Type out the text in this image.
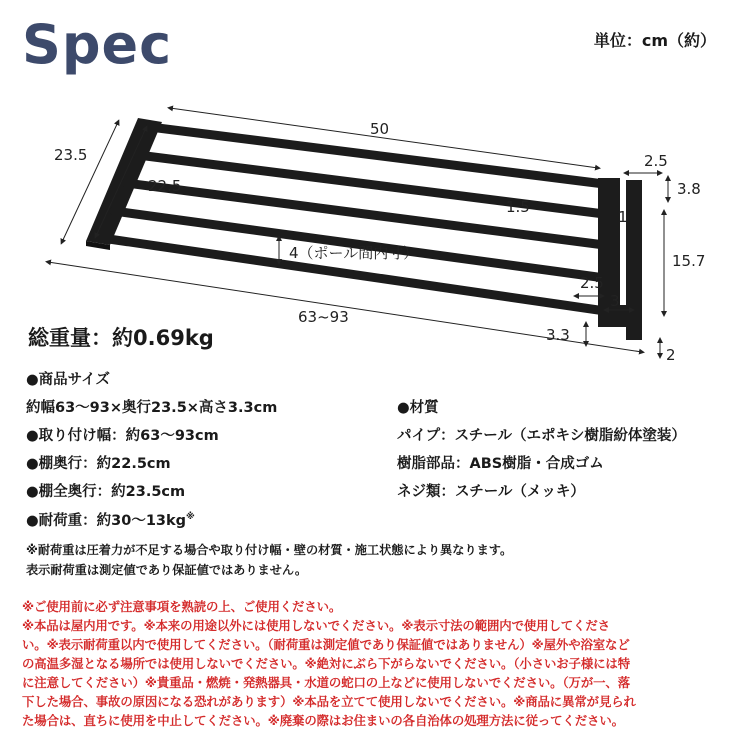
Spec	単位：cm（約）
50
23.5
22.5
4（ポール間内寸）
63~93
1.5
1
2.5
3.8
15.7
2.5
3
3.3
2
総重量：約0.69kg
●商品サイズ
約幅63～93×奥行23.5×高さ3.3cm
●取り付け幅：約63～93cm
●棚奥行：約22.5cm
●棚全奥行：約23.5cm
●耐荷重：約30～13kg※
●材質
パイプ：スチール（エポキシ樹脂紛体塗装）
樹脂部品：ABS樹脂・合成ゴム
ネジ類：スチール（メッキ）
※耐荷重は圧着力が不足する場合や取り付け幅・壁の材質・施工状態により異なります。
表示耐荷重は測定値であり保証値ではありません。
※ご使用前に必ず注意事項を熟読の上、ご使用ください。
※本品は屋内用です。※本来の用途以外には使用しないでください。※表示寸法の範囲内で使用してくださ
い。※表示耐荷重以内で使用してください。（耐荷重は測定値であり保証値ではありません）※屋外や浴室など
の高温多湿となる場所では使用しないでください。※絶対にぶら下がらないでください。（小さいお子様には特
に注意してください）※貴重品・燃焼・発熱器具・水道の蛇口の上などに使用しないでください。（万が一、落
下した場合、事故の原因になる恐れがあります）※本品を立てて使用しないでください。※商品に異常が見られ
た場合は、直ちに使用を中止してください。※廃棄の際はお住まいの各自治体の処理方法に従ってください。
